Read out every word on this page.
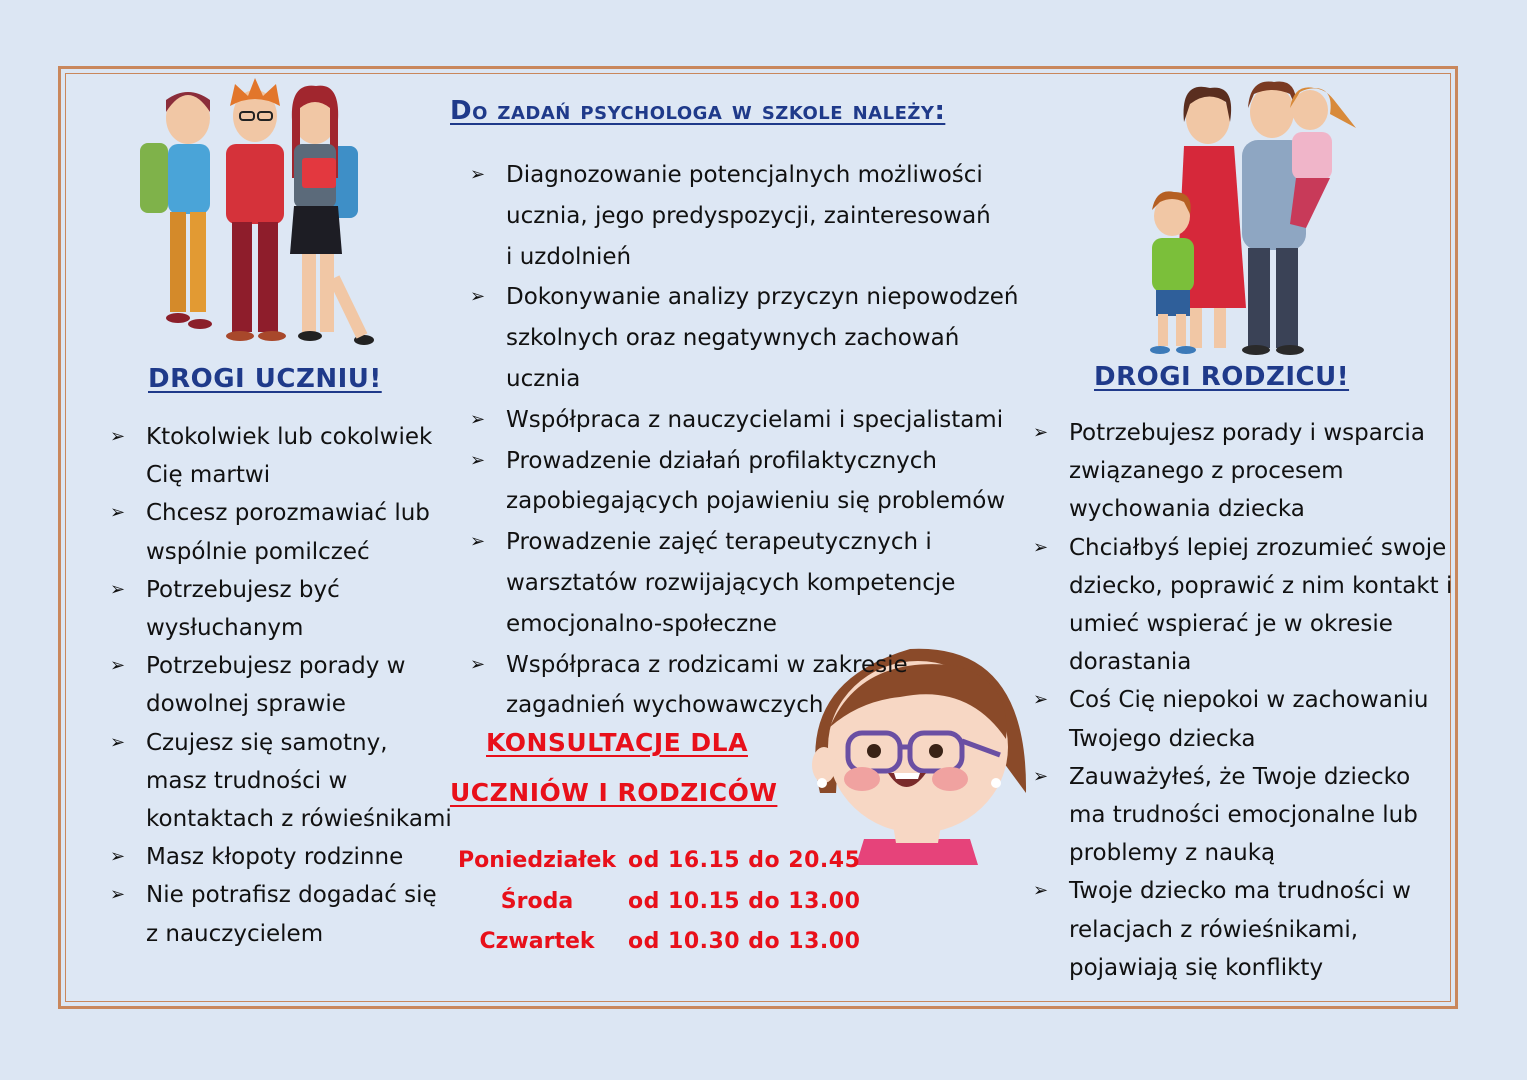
DROGI UCZNIU!	DROGI RODZICU!
Do zadań psychologa w szkole należy:
➢ Ktokolwiek lub cokolwiek Cię martwi
➢ Chcesz porozmawiać lub wspólnie pomilczeć
➢ Potrzebujesz być wysłuchanym
➢ Potrzebujesz porady w dowolnej sprawie
➢ Czujesz się samotny, masz trudności w kontaktach z rówieśnikami
➢ Masz kłopoty rodzinne
➢ Nie potrafisz dogadać się z nauczycielem
➢ Diagnozowanie potencjalnych możliwości ucznia, jego predyspozycji, zainteresowań i uzdolnień
➢ Dokonywanie analizy przyczyn niepowodzeń szkolnych oraz negatywnych zachowań ucznia
➢ Współpraca z nauczycielami i specjalistami
➢ Prowadzenie działań profilaktycznych zapobiegających pojawieniu się problemów
➢ Prowadzenie zajęć terapeutycznych i warsztatów rozwijających kompetencje emocjonalno-społeczne
➢ Współpraca z rodzicami w zakresie zagadnień wychowawczych
➢ Potrzebujesz porady i wsparcia związanego z procesem wychowania dziecka
➢ Chciałbyś lepiej zrozumieć swoje dziecko, poprawić z nim kontakt i umieć wspierać je w okresie dorastania
➢ Coś Cię niepokoi w zachowaniu Twojego dziecka
➢ Zauważyłeś, że Twoje dziecko ma trudności emocjonalne lub problemy z nauką
➢ Twoje dziecko ma trudności w relacjach z rówieśnikami, pojawiają się konflikty
KONSULTACJE DLA
UCZNIÓW I RODZICÓW
Poniedziałek od 16.15 do 20.45
Środa	od 10.15 do 13.00
Czwartek	od 10.30 do 13.00
